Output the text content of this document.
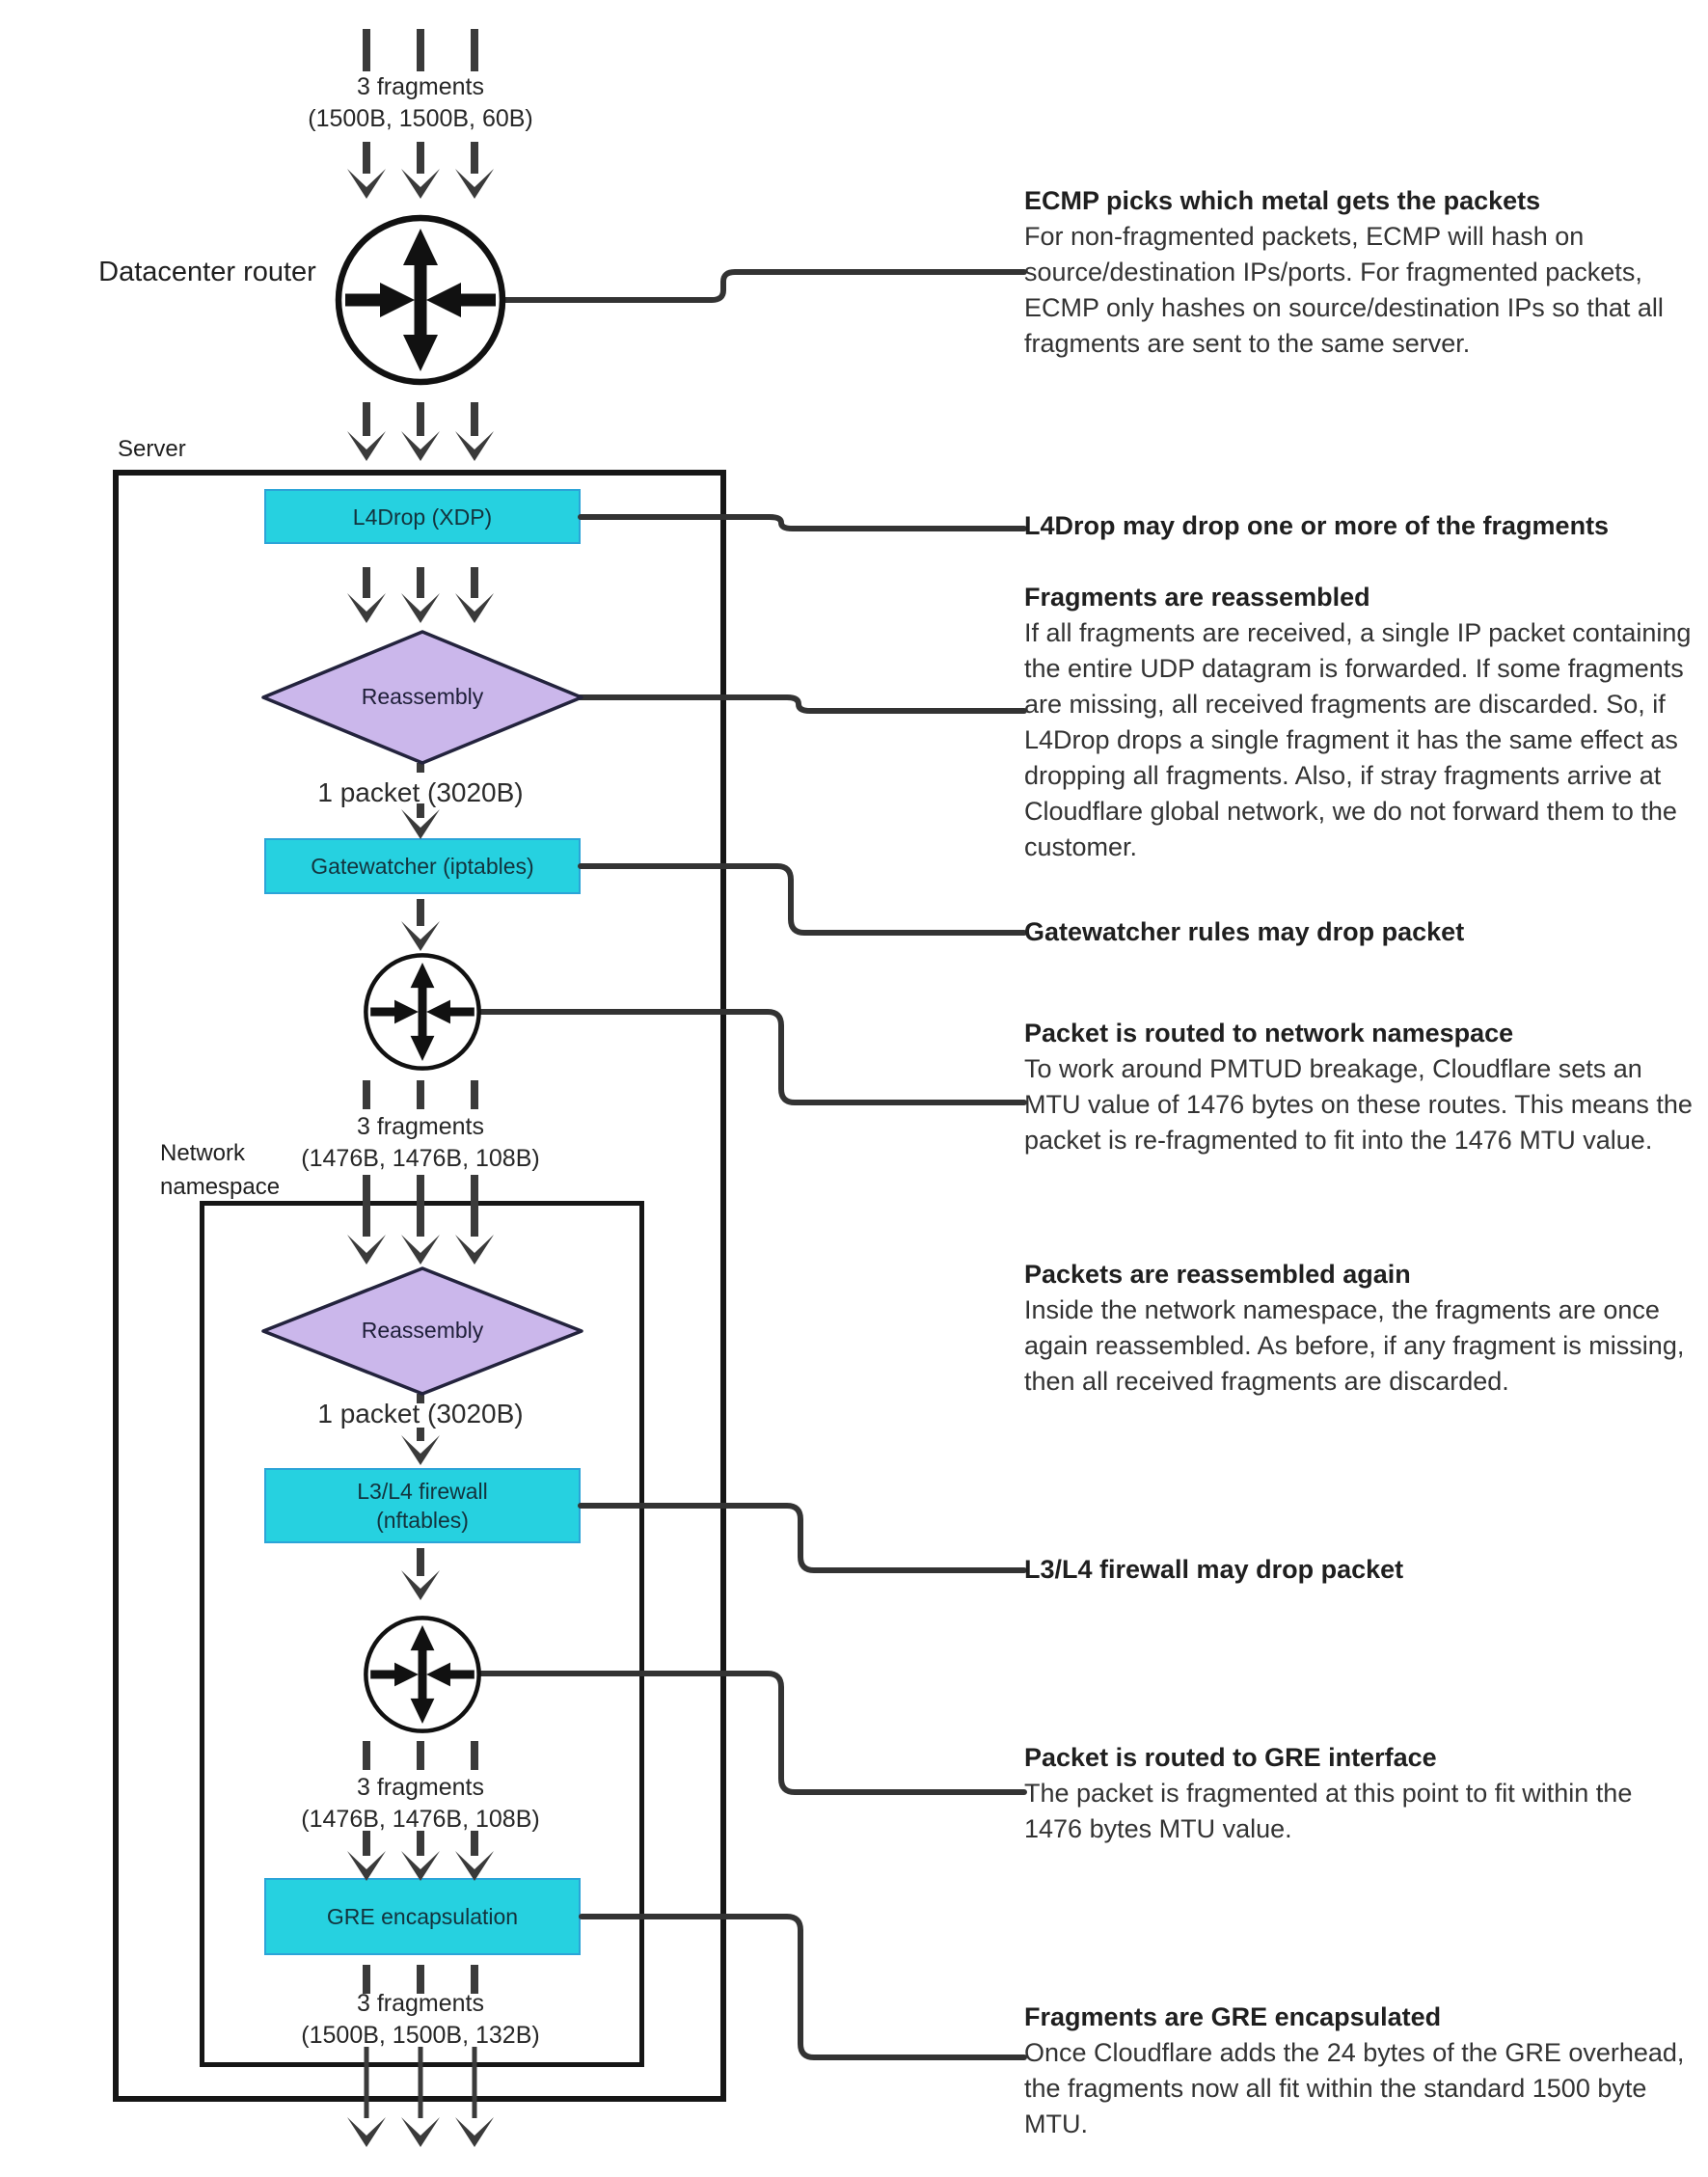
L4Drop (XDP)
Gatewatcher (iptables)
L3/L4 firewall
(nftables)
GRE encapsulation
Datacenter router
Server
Network namespace
3 fragments
(1500B, 1500B, 60B)
3 fragments
(1476B, 1476B, 108B)
3 fragments
(1476B, 1476B, 108B)
3 fragments
(1500B, 1500B, 132B)
1 packet (3020B)
1 packet (3020B)
Reassembly
Reassembly
ECMP picks which metal gets the packets
For non-fragmented packets, ECMP will hash on source/destination IPs/ports. For fragmented packets, ECMP only hashes on source/destination IPs so that all fragments are sent to the same server.
L4Drop may drop one or more of the fragments
Fragments are reassembled
If all fragments are received, a single IP packet containing the entire UDP datagram is forwarded. If some fragments are missing, all received fragments are discarded. So, if L4Drop drops a single fragment it has the same effect as dropping all fragments. Also, if stray fragments arrive at Cloudflare global network, we do not forward them to the customer.
Gatewatcher rules may drop packet
Packet is routed to network namespace
To work around PMTUD breakage, Cloudflare sets an MTU value of 1476 bytes on these routes. This means the packet is re-fragmented to fit into the 1476 MTU value.
Packets are reassembled again
Inside the network namespace, the fragments are once again reassembled. As before, if any fragment is missing, then all received fragments are discarded.
L3/L4 firewall may drop packet
Packet is routed to GRE interface
The packet is fragmented at this point to fit within the 1476 bytes MTU value.
Fragments are GRE encapsulated
Once Cloudflare adds the 24 bytes of the GRE overhead, the fragments now all fit within the standard 1500 byte MTU.
